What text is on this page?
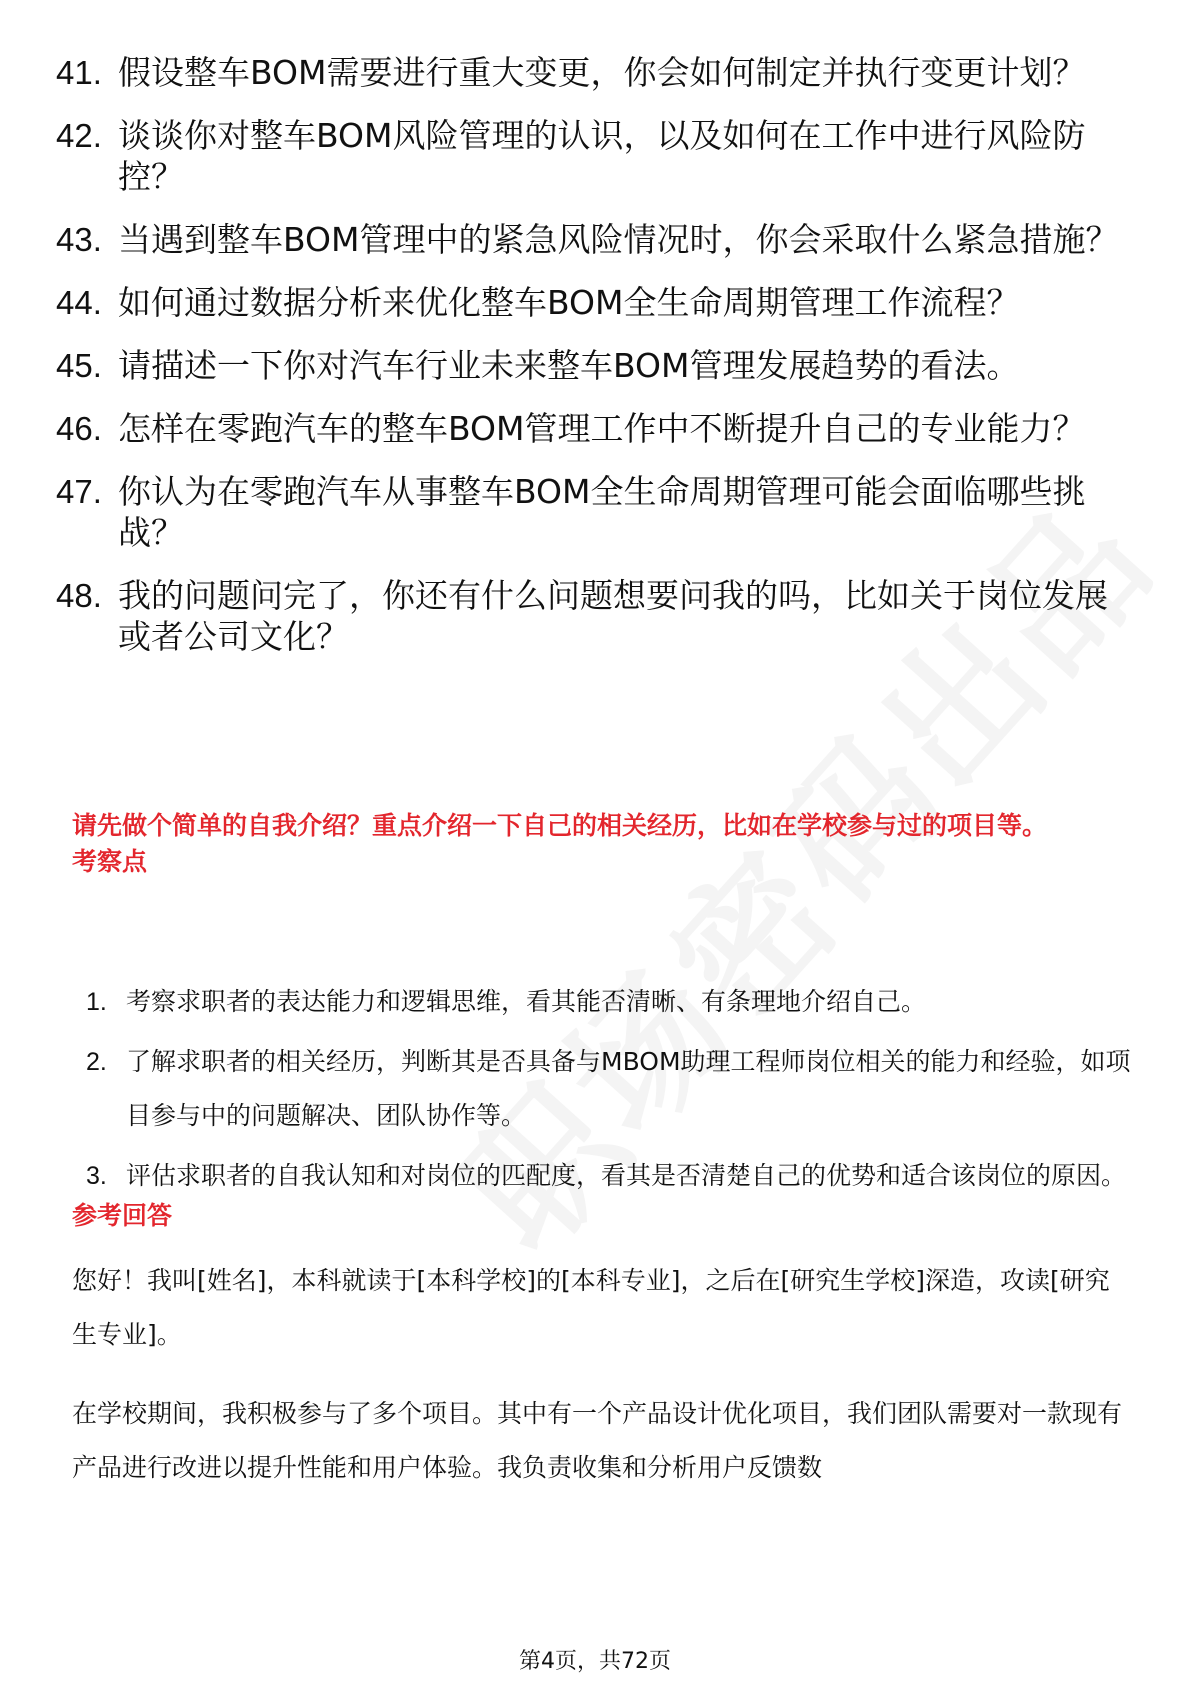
41. 假设整车BOM需要进行重大变更，你会如何制定并执行变更计划？
42. 谈谈你对整车BOM风险管理的认识，以及如何在工作中进行风险防控？
43. 当遇到整车BOM管理中的紧急风险情况时，你会采取什么紧急措施？
44. 如何通过数据分析来优化整车BOM全生命周期管理工作流程？
45. 请描述一下你对汽车行业未来整车BOM管理发展趋势的看法。
46. 怎样在零跑汽车的整车BOM管理工作中不断提升自己的专业能力？
47. 你认为在零跑汽车从事整车BOM全生命周期管理可能会面临哪些挑战？
48. 我的问题问完了，你还有什么问题想要问我的吗，比如关于岗位发展或者公司文化？

请先做个简单的自我介绍？重点介绍一下自己的相关经历，比如在学校参与过的项目等。

考察点
1. 考察求职者的表达能力和逻辑思维，看其能否清晰、有条理地介绍自己。
2. 了解求职者的相关经历，判断其是否具备与MBOM助理工程师岗位相关的能力和经验，如项目参与中的问题解决、团队协作等。
3. 评估求职者的自我认知和对岗位的匹配度，看其是否清楚自己的优势和适合该岗位的原因。
参考回答

您好！我叫[姓名]，本科就读于[本科学校]的[本科专业]，之后在[研究生学校]深造，攻读[研究生专业]。

在学校期间，我积极参与了多个项目。其中有一个产品设计优化项目，我们团队需要对一款现有产品进行改进以提升性能和用户体验。我负责收集和分析用户反馈数

第4页，共72页
